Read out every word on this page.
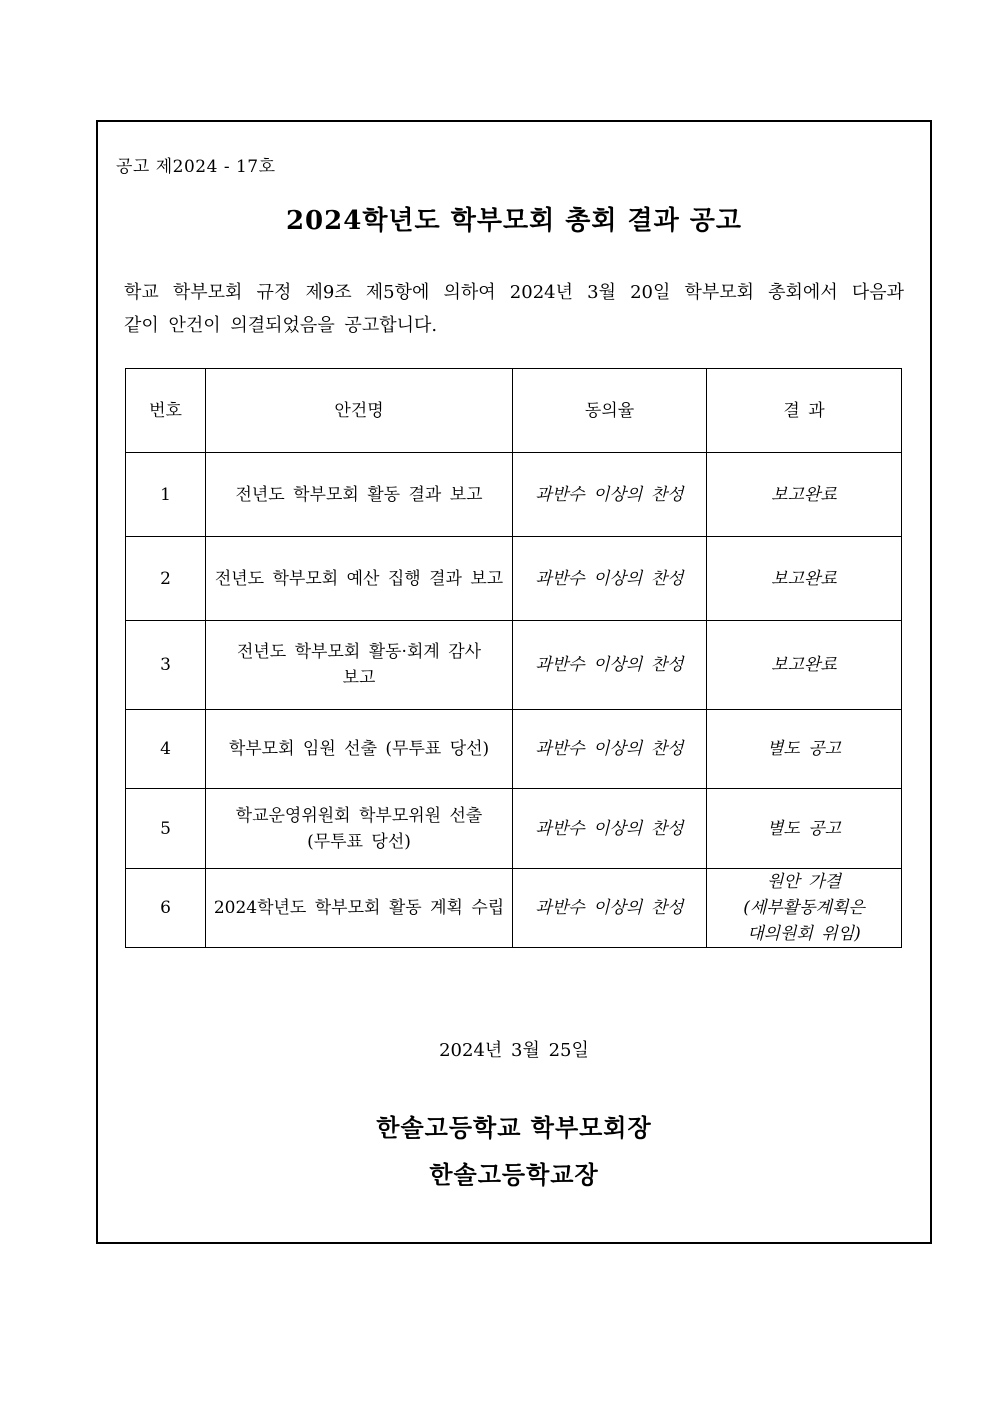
공고 제2024 - 17호
2024학년도 학부모회 총회 결과 공고
학교 학부모회 규정 제9조 제5항에 의하여 2024년 3월 20일 학부모회 총회에서 다음과
같이 안건이 의결되었음을 공고합니다.
번호	안건명	동의율	결 과
1	전년도 학부모회 활동 결과 보고	과반수 이상의 찬성	보고완료

2	전년도 학부모회 예산 집행 결과 보고	과반수 이상의 찬성	보고완료

3	전년도 학부모회 활동·회계 감사
보고	과반수 이상의 찬성	보고완료

4	학부모회 임원 선출 (무투표 당선)	과반수 이상의 찬성	별도 공고

5	학교운영위원회 학부모위원 선출
(무투표 당선)	과반수 이상의 찬성	별도 공고

6	2024학년도 학부모회 활동 계획 수립	과반수 이상의 찬성	원안 가결
(세부활동계획은
대의원회 위임)
2024년 3월 25일
한솔고등학교 학부모회장
한솔고등학교장
